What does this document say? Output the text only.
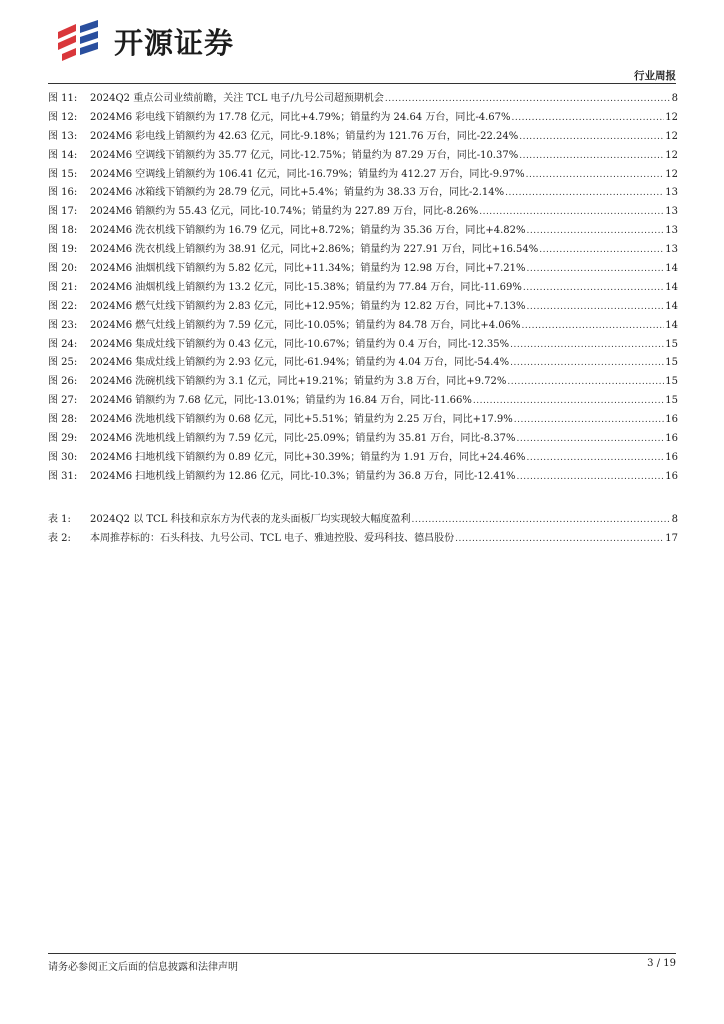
开源证券
行业周报
图 11:	2024Q2 重点公司业绩前瞻，关注 TCL 电子/九号公司超预期机会 .....	8
图 12:	2024M6 彩电线下销额约为 17.78 亿元，同比+4.79%；销量约为 24.64 万台，同比-4.67% .....	12
图 13:	2024M6 彩电线上销额约为 42.63 亿元，同比-9.18%；销量约为 121.76 万台，同比-22.24% .....	12
图 14:	2024M6 空调线下销额约为 35.77 亿元，同比-12.75%；销量约为 87.29 万台，同比-10.37% .....	12
图 15:	2024M6 空调线上销额约为 106.41 亿元，同比-16.79%；销量约为 412.27 万台，同比-9.97% .....	12
图 16:	2024M6 冰箱线下销额约为 28.79 亿元，同比+5.4%；销量约为 38.33 万台，同比-2.14% .....	13
图 17:	2024M6 销额约为 55.43 亿元，同比-10.74%；销量约为 227.89 万台，同比-8.26% .....	13
图 18:	2024M6 洗衣机线下销额约为 16.79 亿元，同比+8.72%；销量约为 35.36 万台，同比+4.82% .....	13
图 19:	2024M6 洗衣机线上销额约为 38.91 亿元，同比+2.86%；销量约为 227.91 万台，同比+16.54% .....	13
图 20:	2024M6 油烟机线下销额约为 5.82 亿元，同比+11.34%；销量约为 12.98 万台，同比+7.21% .....	14
图 21:	2024M6 油烟机线上销额约为 13.2 亿元，同比-15.38%；销量约为 77.84 万台，同比-11.69% .....	14
图 22:	2024M6 燃气灶线下销额约为 2.83 亿元，同比+12.95%；销量约为 12.82 万台，同比+7.13% .....	14
图 23:	2024M6 燃气灶线上销额约为 7.59 亿元，同比-10.05%；销量约为 84.78 万台，同比+4.06% .....	14
图 24:	2024M6 集成灶线下销额约为 0.43 亿元，同比-10.67%；销量约为 0.4 万台，同比-12.35% .....	15
图 25:	2024M6 集成灶线上销额约为 2.93 亿元，同比-61.94%；销量约为 4.04 万台，同比-54.4% .....	15
图 26:	2024M6 洗碗机线下销额约为 3.1 亿元，同比+19.21%；销量约为 3.8 万台，同比+9.72% .....	15
图 27:	2024M6 销额约为 7.68 亿元，同比-13.01%；销量约为 16.84 万台，同比-11.66% .....	15
图 28:	2024M6 洗地机线下销额约为 0.68 亿元，同比+5.51%；销量约为 2.25 万台，同比+17.9% .....	16
图 29:	2024M6 洗地机线上销额约为 7.59 亿元，同比-25.09%；销量约为 35.81 万台，同比-8.37% .....	16
图 30:	2024M6 扫地机线下销额约为 0.89 亿元，同比+30.39%；销量约为 1.91 万台，同比+24.46% .....	16
图 31:	2024M6 扫地机线上销额约为 12.86 亿元，同比-10.3%；销量约为 36.8 万台，同比-12.41% .....	16
表 1:	2024Q2 以 TCL 科技和京东方为代表的龙头面板厂均实现较大幅度盈利 .....	8
表 2:	本周推荐标的：石头科技、九号公司、TCL 电子、雅迪控股、爱玛科技、德昌股份 .....	17
请务必参阅正文后面的信息披露和法律声明	3 / 19
